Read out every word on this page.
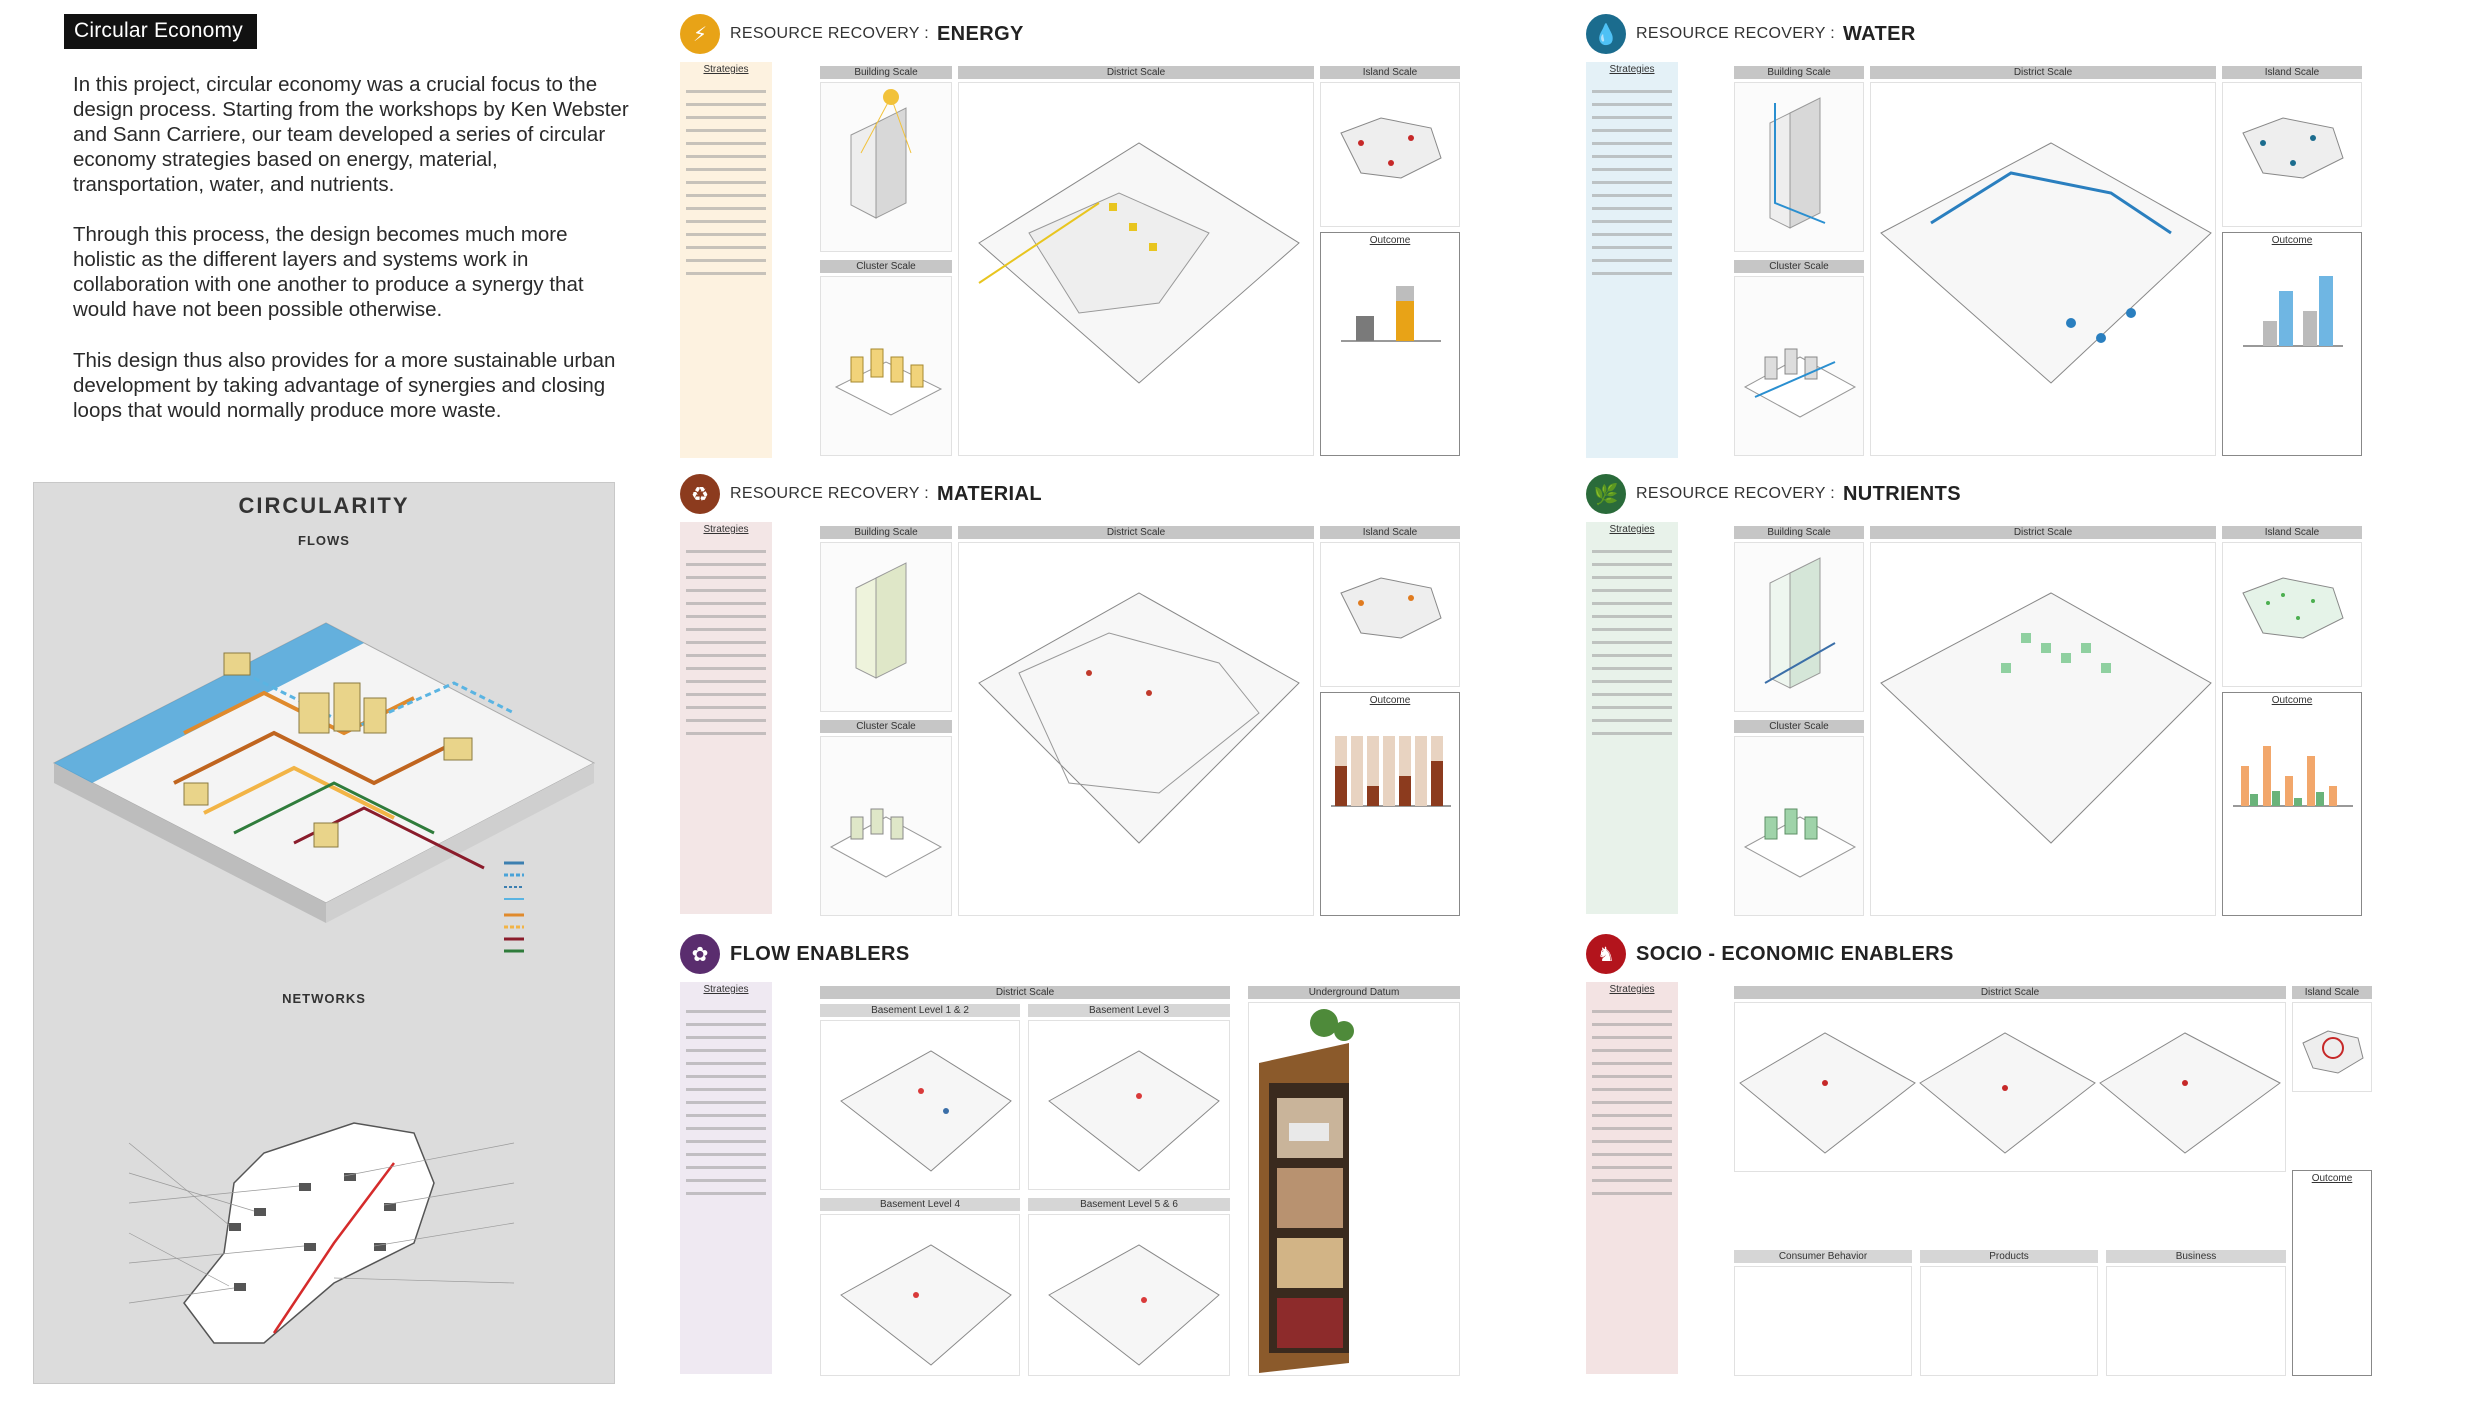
Circular Economy

In this project, circular economy was a crucial focus to the design process. Starting from the workshops by Ken Webster and Sann Carriere, our team developed a series of circular economy strategies based on energy, material, transportation, water, and nutrients.

Through this process, the design becomes much more holistic as the different layers and systems work in collaboration with one another to produce a synergy that would have not been possible otherwise.

This design thus also provides for a more sustainable urban development by taking advantage of synergies and closing loops that would normally produce more waste.

CIRCULARITY
FLOWS
NETWORKS
⚡	RESOURCE RECOVERY : ENERGY
Strategies	Building Scale
Cluster Scale
District Scale	Island Scale
Outcome
💧	RESOURCE RECOVERY : WATER
Strategies	Building Scale
Cluster Scale
District Scale	Island Scale
Outcome
♻	RESOURCE RECOVERY : MATERIAL
Strategies	Building Scale
Cluster Scale
District Scale	Island Scale
Outcome
🌿	RESOURCE RECOVERY : NUTRIENTS
Strategies	Building Scale
Cluster Scale
District Scale	Island Scale
Outcome
✿	FLOW ENABLERS
Strategies	District Scale
Basement Level 1 & 2	Basement Level 3
Basement Level 4	Basement Level 5 & 6
Underground Datum
♞	SOCIO - ECONOMIC ENABLERS
Strategies	District Scale	Island Scale
Outcome
Consumer Behavior	Products	Business
